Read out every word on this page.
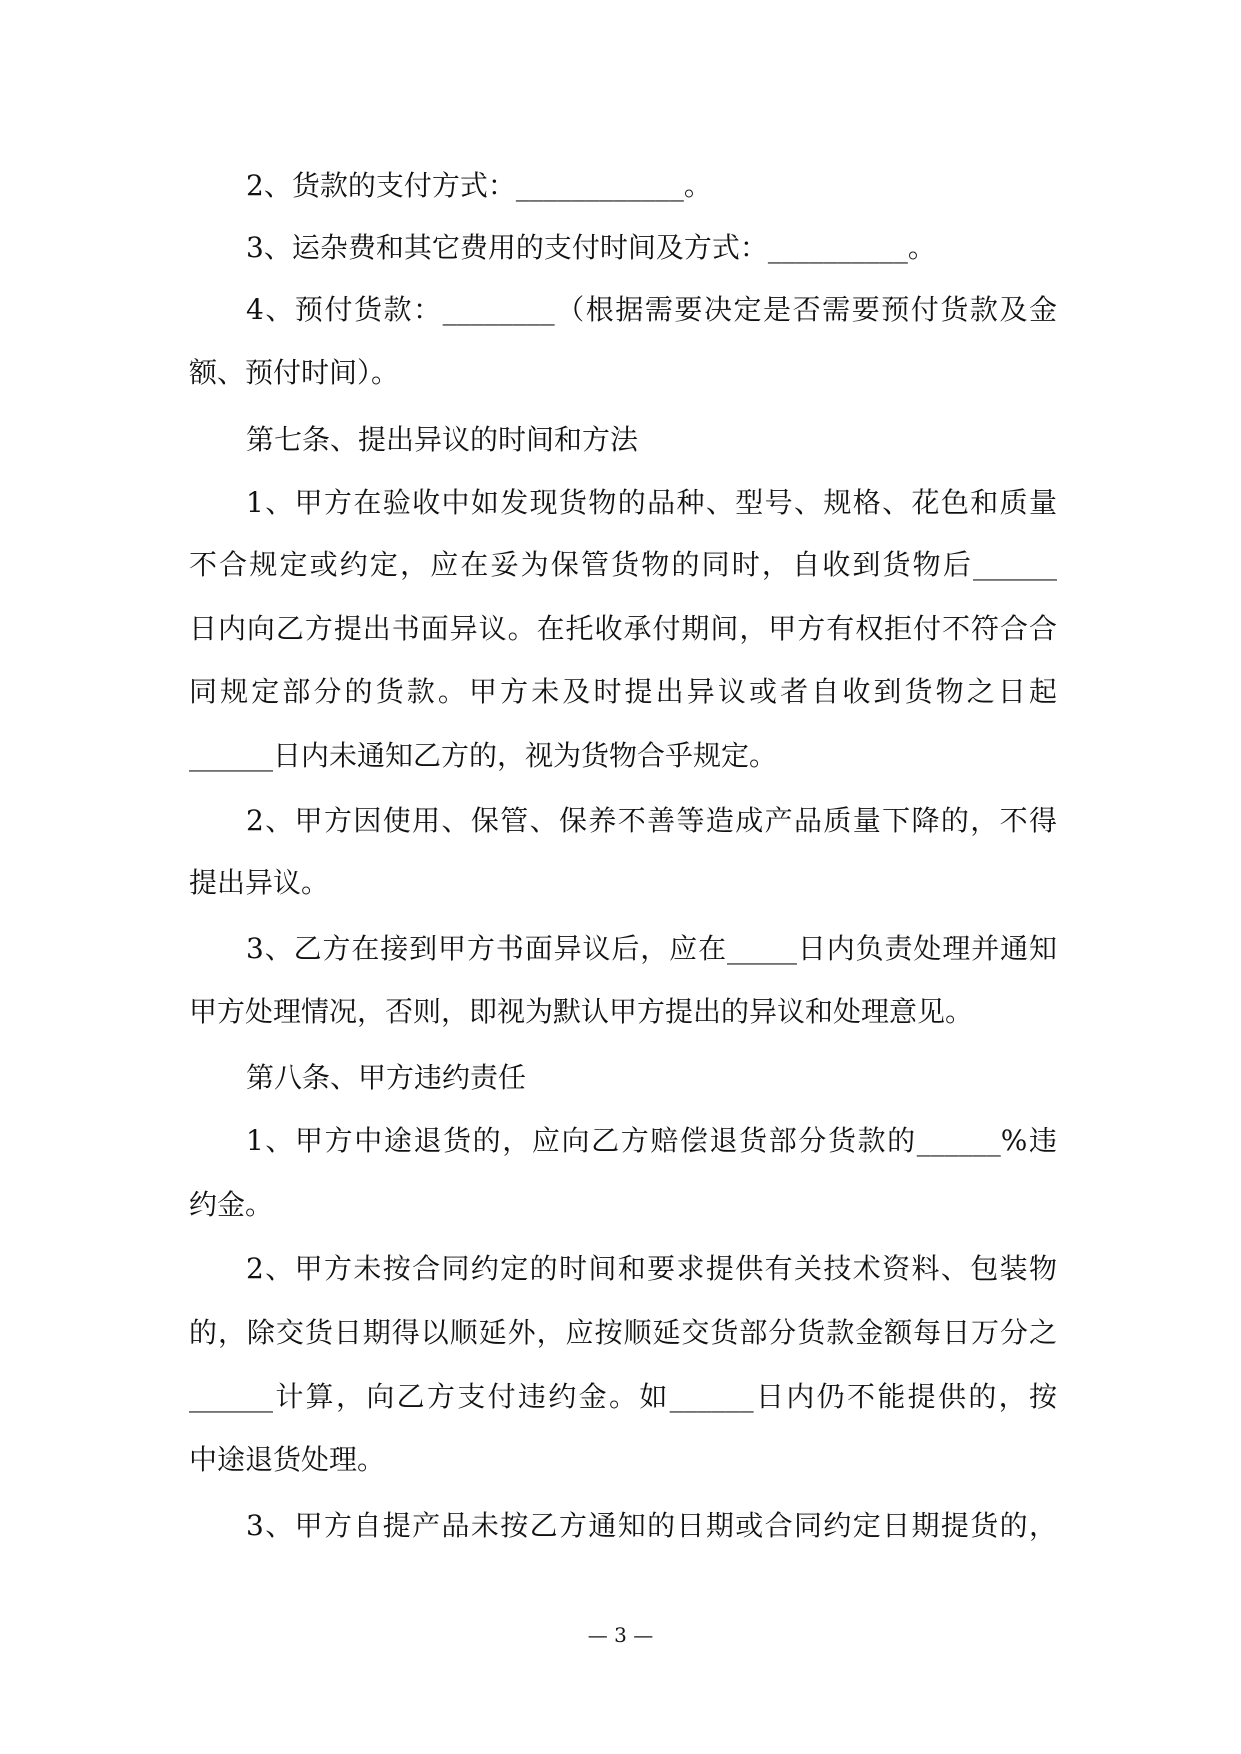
2、货款的支付方式：____________。
3、运杂费和其它费用的支付时间及方式：__________。
4、预付货款：________（根据需要决定是否需要预付货款及金
额、预付时间）。
第七条、提出异议的时间和方法
1、甲方在验收中如发现货物的品种、型号、规格、花色和质量
不合规定或约定，应在妥为保管货物的同时，自收到货物后______
日内向乙方提出书面异议。在托收承付期间，甲方有权拒付不符合合
同规定部分的货款。甲方未及时提出异议或者自收到货物之日起
______日内未通知乙方的，视为货物合乎规定。
2、甲方因使用、保管、保养不善等造成产品质量下降的，不得
提出异议。
3、乙方在接到甲方书面异议后，应在_____日内负责处理并通知
甲方处理情况，否则，即视为默认甲方提出的异议和处理意见。
第八条、甲方违约责任
1、甲方中途退货的，应向乙方赔偿退货部分货款的______%违
约金。
2、甲方未按合同约定的时间和要求提供有关技术资料、包装物
的，除交货日期得以顺延外，应按顺延交货部分货款金额每日万分之
______计算，向乙方支付违约金。如______日内仍不能提供的，按
中途退货处理。
3、甲方自提产品未按乙方通知的日期或合同约定日期提货的，
— 3 —
